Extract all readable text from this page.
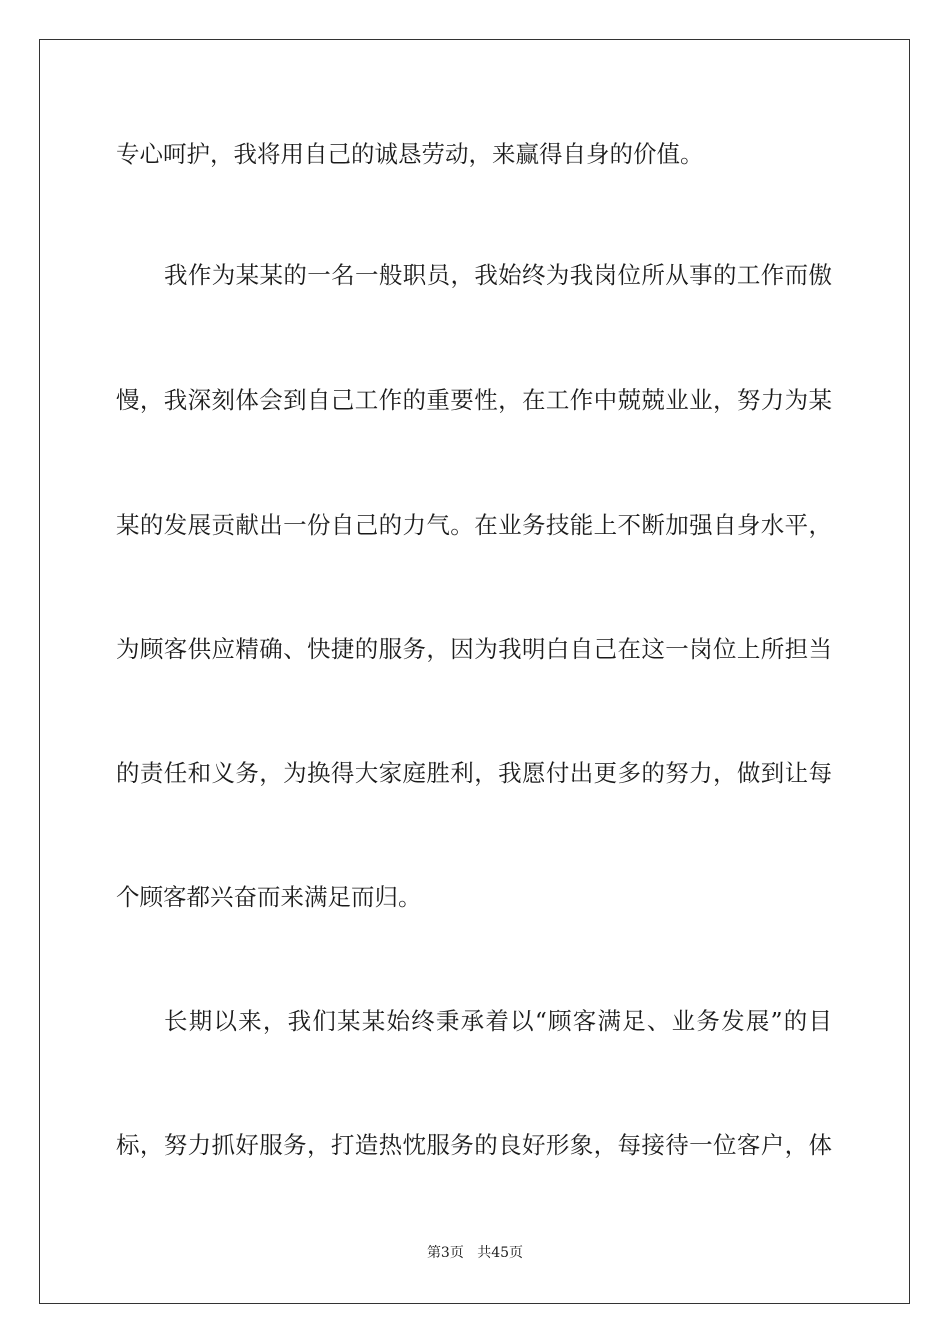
专心呵护，我将用自己的诚恳劳动，来赢得自身的价值。
我作为某某的一名一般职员，我始终为我岗位所从事的工作而傲
慢，我深刻体会到自己工作的重要性，在工作中兢兢业业，努力为某
某的发展贡献出一份自己的力气。在业务技能上不断加强自身水平，
为顾客供应精确、快捷的服务，因为我明白自己在这一岗位上所担当
的责任和义务，为换得大家庭胜利，我愿付出更多的努力，做到让每
个顾客都兴奋而来满足而归。
长期以来，我们某某始终秉承着以“顾客满足、业务发展”的目
标，努力抓好服务，打造热忱服务的良好形象，每接待一位客户，体
第3页 共45页
